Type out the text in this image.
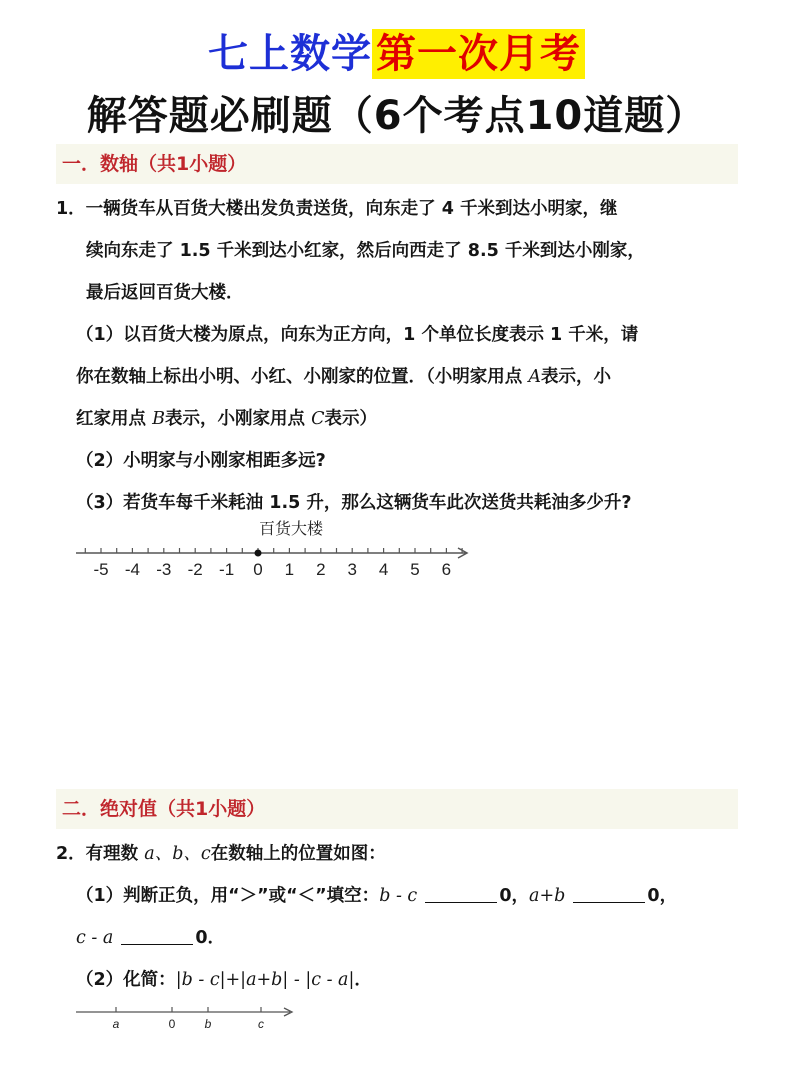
七上数学 第一次月考
解答题必刷题（6个考点10道题）
一．数轴（共1小题）
1．一辆货车从百货大楼出发负责送货，向东走了 4 千米到达小明家，继
续向东走了 1.5 千米到达小红家，然后向西走了 8.5 千米到达小刚家，
最后返回百货大楼．
（1）以百货大楼为原点，向东为正方向，1 个单位长度表示 1 千米，请
你在数轴上标出小明、小红、小刚家的位置．（小明家用点 A表示，小
红家用点 B表示，小刚家用点 C表示）
（2）小明家与小刚家相距多远?
（3）若货车每千米耗油 1.5 升，那么这辆货车此次送货共耗油多少升?
百货大楼
-5 -4 -3 -2 -1 0 1 2 3 4 5 6
二．绝对值（共1小题）
2．有理数 a、b、c在数轴上的位置如图：
（1）判断正负，用“＞”或“＜”填空：b - c	0，a+b	0，
c - a	0．
（2）化简：|b - c|+|a+b| - |c - a|．
a	0 b	c
